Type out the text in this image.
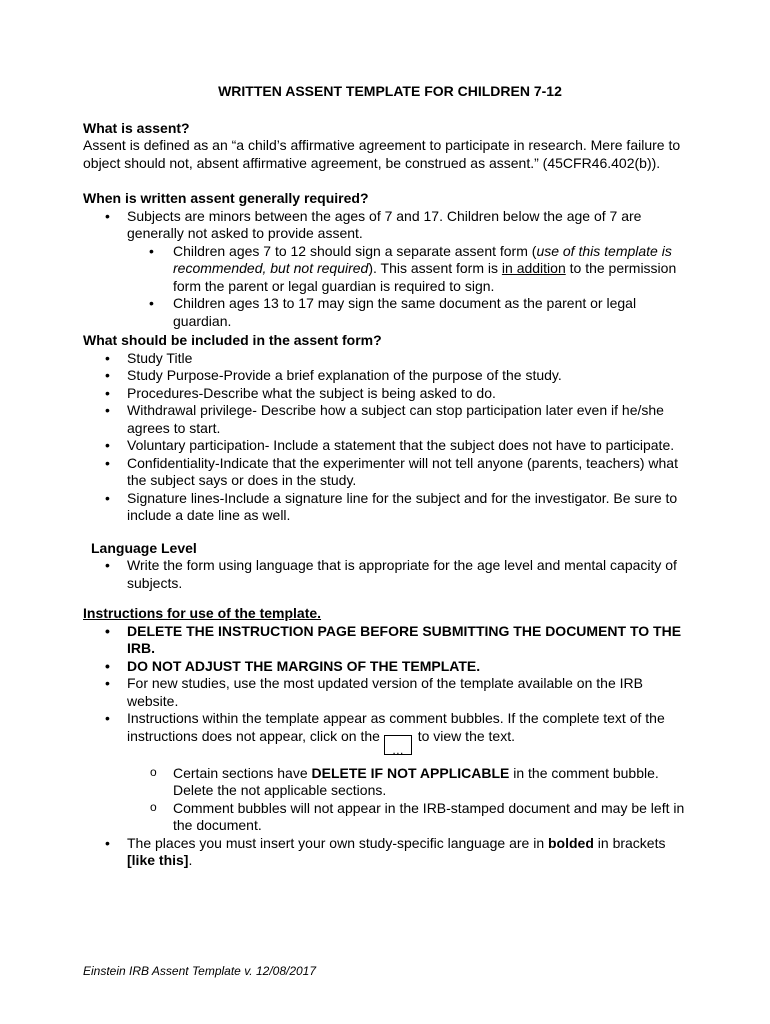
WRITTEN ASSENT TEMPLATE FOR CHILDREN 7-12
What is assent?

Assent is defined as an “a child’s affirmative agreement to participate in research. Mere failure to object should not, absent affirmative agreement, be construed as assent.” (45CFR46.402(b)).

When is written assent generally required?
• Subjects are minors between the ages of 7 and 17. Children below the age of 7 are generally not asked to provide assent.
• Children ages 7 to 12 should sign a separate assent form (use of this template is recommended, but not required). This assent form is in addition to the permission form the parent or legal guardian is required to sign.
• Children ages 13 to 17 may sign the same document as the parent or legal guardian.
What should be included in the assent form?
• Study Title
• Study Purpose-Provide a brief explanation of the purpose of the study.
• Procedures-Describe what the subject is being asked to do.
• Withdrawal privilege- Describe how a subject can stop participation later even if he/she agrees to start.
• Voluntary participation- Include a statement that the subject does not have to participate.
• Confidentiality-Indicate that the experimenter will not tell anyone (parents, teachers) what the subject says or does in the study.
• Signature lines-Include a signature line for the subject and for the investigator. Be sure to include a date line as well.
Language Level
• Write the form using language that is appropriate for the age level and mental capacity of subjects.
Instructions for use of the template.
• DELETE THE INSTRUCTION PAGE BEFORE SUBMITTING THE DOCUMENT TO THE IRB.
• DO NOT ADJUST THE MARGINS OF THE TEMPLATE.
• For new studies, use the most updated version of the template available on the IRB website.
• Instructions within the template appear as comment bubbles. If the complete text of the instructions does not appear, click on the … to view the text.
o Certain sections have DELETE IF NOT APPLICABLE in the comment bubble. Delete the not applicable sections.
o Comment bubbles will not appear in the IRB-stamped document and may be left in the document.
• The places you must insert your own study-specific language are in bolded in brackets [like this].
Einstein IRB Assent Template v. 12/08/2017
